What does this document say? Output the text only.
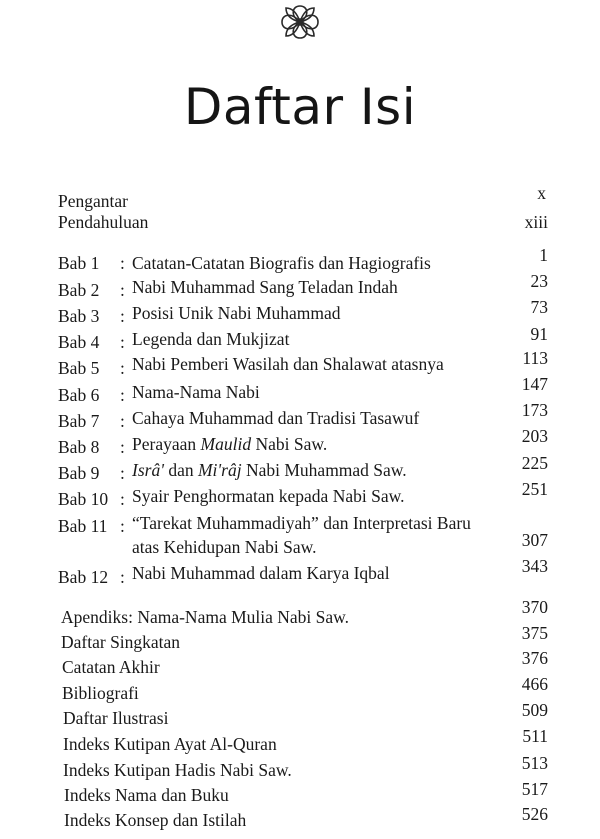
Daftar Isi
Pengantar	x
Pendahuluan	xiii
Bab 1 : Catatan-Catatan Biografis dan Hagiografis	1
Bab 2 : Nabi Muhammad Sang Teladan Indah	23
Bab 3 : Posisi Unik Nabi Muhammad	73
Bab 4 : Legenda dan Mukjizat	91
Bab 5 : Nabi Pemberi Wasilah dan Shalawat atasnya	113
Bab 6 : Nama-Nama Nabi	147
Bab 7 : Cahaya Muhammad dan Tradisi Tasawuf	173
Bab 8 : Perayaan Maulid Nabi Saw.	203
Bab 9 : Isrâ' dan Mi'râj Nabi Muhammad Saw.	225
Bab 10 : Syair Penghormatan kepada Nabi Saw.	251
Bab 11 : “Tarekat Muhammadiyah” dan Interpretasi Baru
atas Kehidupan Nabi Saw.	307
Bab 12 : Nabi Muhammad dalam Karya Iqbal	343
Apendiks: Nama-Nama Mulia Nabi Saw.	370
Daftar Singkatan	375
Catatan Akhir	376
Bibliografi	466
Daftar Ilustrasi	509
Indeks Kutipan Ayat Al-Quran	511
Indeks Kutipan Hadis Nabi Saw.	513
Indeks Nama dan Buku	517
Indeks Konsep dan Istilah	526
